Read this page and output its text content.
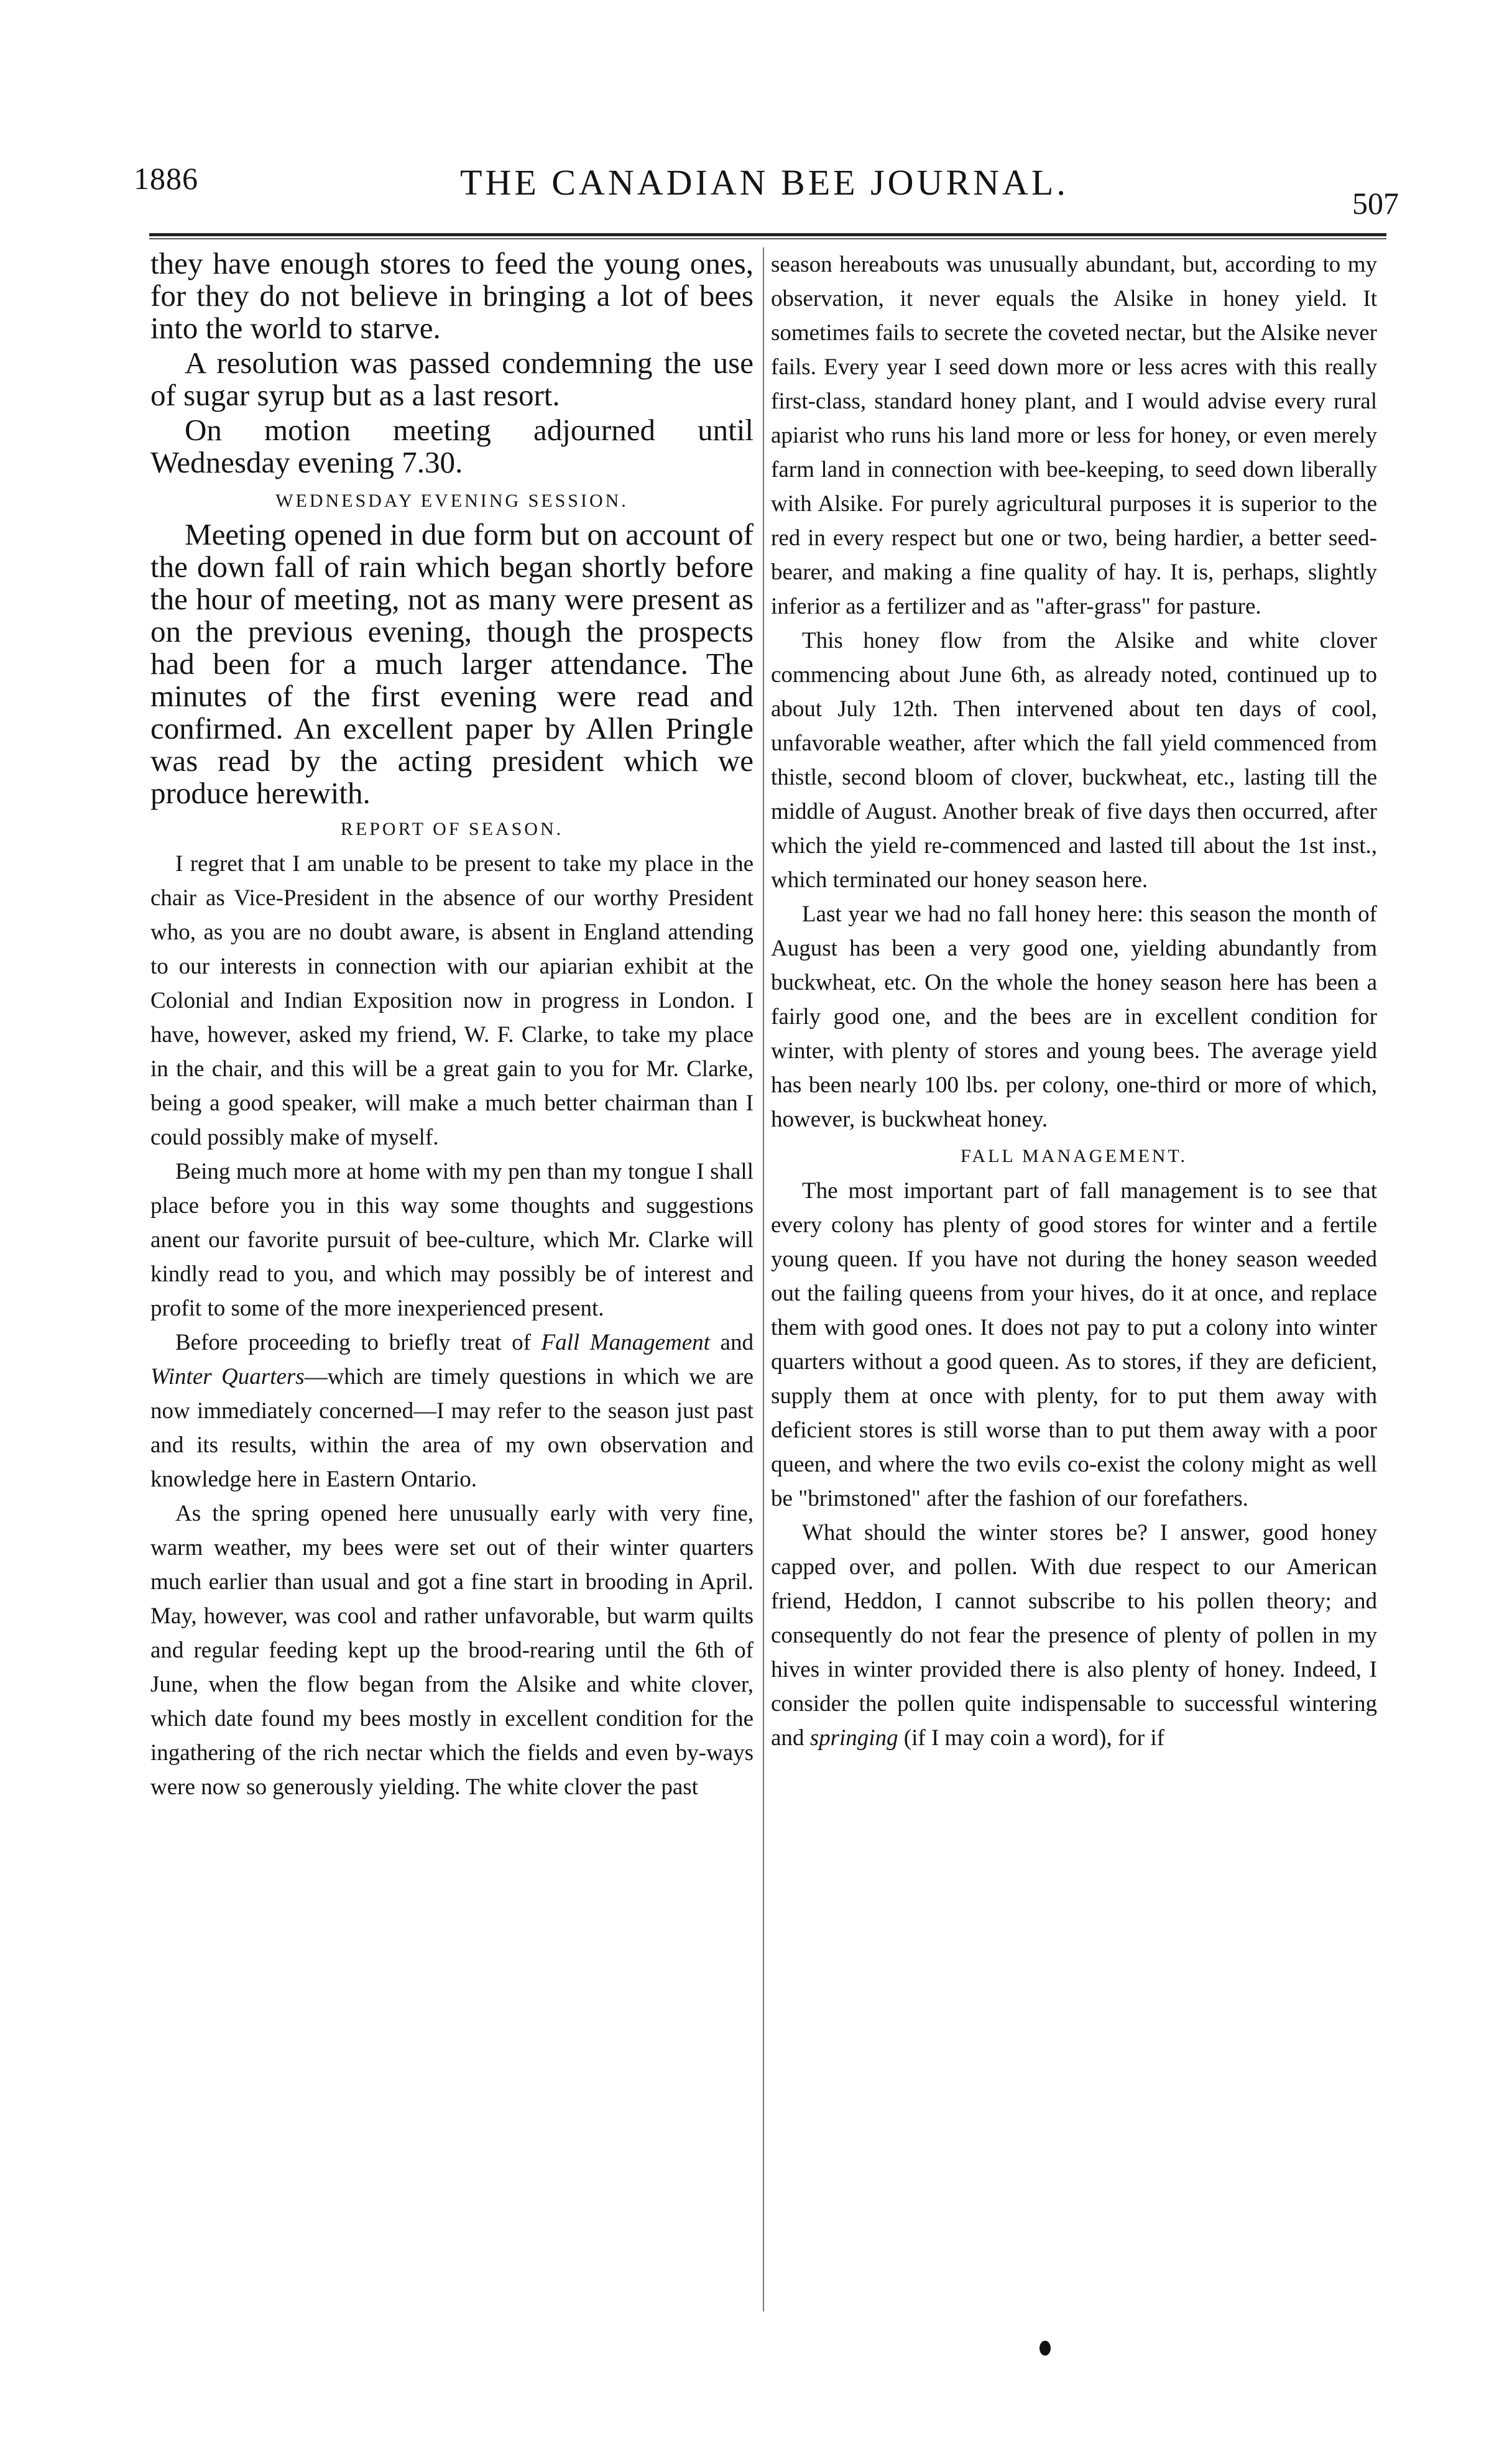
1886	THE CANADIAN BEE JOURNAL.
507

they have enough stores to feed the young ones, for they do not believe in bringing a lot of bees into the world to starve.

A resolution was passed condemning the use of sugar syrup but as a last resort.

On motion meeting adjourned until Wednesday evening 7.30.

WEDNESDAY EVENING SESSION.

Meeting opened in due form but on account of the down fall of rain which began shortly before the hour of meeting, not as many were present as on the previous evening, though the prospects had been for a much larger attendance. The minutes of the first evening were read and confirmed. An excellent paper by Allen Pringle was read by the acting president which we produce herewith.

REPORT OF SEASON.

I regret that I am unable to be present to take my place in the chair as Vice-President in the absence of our worthy President who, as you are no doubt aware, is absent in England attending to our interests in connection with our apiarian exhibit at the Colonial and Indian Exposition now in progress in London. I have, however, asked my friend, W. F. Clarke, to take my place in the chair, and this will be a great gain to you for Mr. Clarke, being a good speaker, will make a much better chairman than I could possibly make of myself.

Being much more at home with my pen than my tongue I shall place before you in this way some thoughts and suggestions anent our favorite pursuit of bee-culture, which Mr. Clarke will kindly read to you, and which may possibly be of interest and profit to some of the more inexperienced present.

Before proceeding to briefly treat of Fall Management and Winter Quarters—which are timely questions in which we are now immediately concerned—I may refer to the season just past and its results, within the area of my own observation and knowledge here in Eastern Ontario.

As the spring opened here unusually early with very fine, warm weather, my bees were set out of their winter quarters much earlier than usual and got a fine start in brooding in April. May, however, was cool and rather unfavorable, but warm quilts and regular feeding kept up the brood-rearing until the 6th of June, when the flow began from the Alsike and white clover, which date found my bees mostly in excellent condition for the ingathering of the rich nectar which the fields and even by-ways were now so generously yielding. The white clover the past

season hereabouts was unusually abundant, but, according to my observation, it never equals the Alsike in honey yield. It sometimes fails to secrete the coveted nectar, but the Alsike never fails. Every year I seed down more or less acres with this really first-class, standard honey plant, and I would advise every rural apiarist who runs his land more or less for honey, or even merely farm land in connection with bee-keeping, to seed down liberally with Alsike. For purely agricultural purposes it is superior to the red in every respect but one or two, being hardier, a better seed-bearer, and making a fine quality of hay. It is, perhaps, slightly inferior as a fertilizer and as "after-grass" for pasture.

This honey flow from the Alsike and white clover commencing about June 6th, as already noted, continued up to about July 12th. Then intervened about ten days of cool, unfavorable weather, after which the fall yield commenced from thistle, second bloom of clover, buckwheat, etc., lasting till the middle of August. Another break of five days then occurred, after which the yield re-commenced and lasted till about the 1st inst., which terminated our honey season here.

Last year we had no fall honey here: this season the month of August has been a very good one, yielding abundantly from buckwheat, etc. On the whole the honey season here has been a fairly good one, and the bees are in excellent condition for winter, with plenty of stores and young bees. The average yield has been nearly 100 lbs. per colony, one-third or more of which, however, is buckwheat honey.

FALL MANAGEMENT.

The most important part of fall management is to see that every colony has plenty of good stores for winter and a fertile young queen. If you have not during the honey season weeded out the failing queens from your hives, do it at once, and replace them with good ones. It does not pay to put a colony into winter quarters without a good queen. As to stores, if they are deficient, supply them at once with plenty, for to put them away with deficient stores is still worse than to put them away with a poor queen, and where the two evils co-exist the colony might as well be "brimstoned" after the fashion of our forefathers.

What should the winter stores be? I answer, good honey capped over, and pollen. With due respect to our American friend, Heddon, I cannot subscribe to his pollen theory; and consequently do not fear the presence of plenty of pollen in my hives in winter provided there is also plenty of honey. Indeed, I consider the pollen quite indispensable to successful wintering and springing (if I may coin a word), for if
